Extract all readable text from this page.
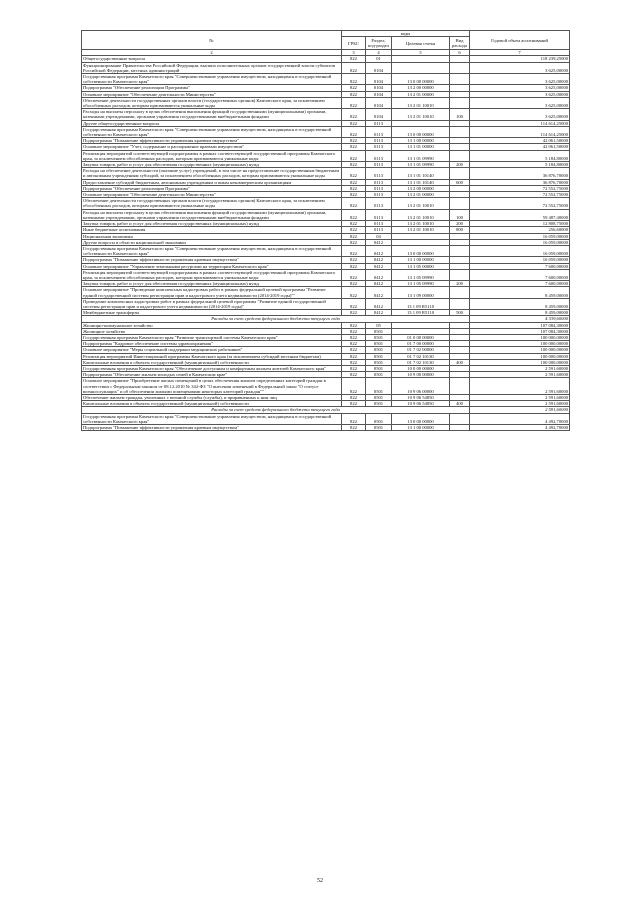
№	коды				Годовой объем ассигнований
	ГРБС	Раздел, под-раздел	Целевая статья	Вид расхода	
2	3	4	5	6	7
Общегосударственные вопросы	822	01			118 239,25000
Функционирование Правительства Российской Федерации, высших исполнительных органов государственной власти субъектов Российской Федерации, местных администраций	822	0104			3 625,00000
Государственная программа Камчатского края "Совершенствование управления имуществом, находящимся в государственной собственности Камчатского края"	822	0104	13 0 00 00000		3 625,00000
Подпрограмма "Обеспечение реализации Программы"	822	0104	13 2 00 00000		3 625,00000
Основное мероприятие "Обеспечение деятельности Министерства"	822	0104	13 2 01 00000		3 625,00000
Обеспечение деятельности государственных органов власти (государственных органов) Камчатского края, за исключением обособленных расходов, которым присваиваются уникальные коды	822	0104	13 2 01 10010		3 625,00000
Расходы на выплаты персоналу в целях обеспечения выполнения функций государственными (муниципальными) органами, казенными учреждениями, органами управления государственными внебюджетными фондами	822	0104	13 2 01 10010	100	3 625,00000
Другие общегосударственные вопросы	822	0113			114 614,25000
Государственная программа Камчатского края "Совершенствование управления имуществом, находящимся в государственной собственности Камчатского края"	822	0113	13 0 00 00000		114 614,25000
Подпрограмма "Повышение эффективности управления краевым имуществом"	822	0113	13 1 00 00000		42 061,50000
Основное мероприятие "Учет, содержание и распоряжение краевым имуществом"	822	0113	13 1 01 00000		42 061,50000
Реализация мероприятий соответствующей подпрограммы в рамках соответствующей государственной программы Камчатского края, за исключением обособленных расходов, которым присваиваются уникальные коды	822	0113	13 1 01 09990		5 184,80000
Закупка товаров, работ и услуг для обеспечения государственных (муниципальных) нужд	822	0113	13 1 01 09990	200	5 184,80000
Расходы на обеспечение деятельности (оказание услуг) учреждений, в том числе на предоставление государственным бюджетным и автономным учреждениям субсидий, за исключением обособленных расходов, которым присваиваются уникальные коды	822	0113	13 1 01 10140		36 876,70000
Предоставление субсидий бюджетным, автономным учреждениям и иным некоммерческим организациям	822	0113	13 1 01 10140	600	36 876,70000
Подпрограмма "Обеспечение реализации Программы"	822	0113	13 2 00 00000		72 552,75000
Основное мероприятие "Обеспечение деятельности Министерства"	822	0113	13 2 01 00000		72 552,75000
Обеспечение деятельности государственных органов власти (государственных органов) Камчатского края, за исключением обособленных расходов, которым присваиваются уникальные коды	822	0113	13 2 01 10010		72 552,75000
Расходы на выплаты персоналу в целях обеспечения выполнения функций государственными (муниципальными) органами, казенными учреждениями, органами управления государственными внебюджетными фондами	822	0113	13 2 01 10010	100	59 487,40000
Закупка товаров, работ и услуг для обеспечения государственных (муниципальных) нужд	822	0113	13 2 01 10010	200	12 808,75000
Иные бюджетные ассигнования	822	0113	13 2 01 10010	800	256,60000
Национальная экономика	822	04			16 059,00000
Другие вопросы в области национальной экономики	822	0412			16 059,00000
Государственная программа Камчатского края "Совершенствование управления имуществом, находящимся в государственной собственности Камчатского края"	822	0412	13 0 00 00000		16 059,00000
Подпрограмма "Повышение эффективности управления краевым имуществом"	822	0412	13 1 00 00000		16 059,00000
Основное мероприятие "Управление земельными ресурсами на территории Камчатского края"	822	0412	13 1 05 00000		7 600,00000
Реализация мероприятий соответствующей подпрограммы в рамках соответствующей государственной программы Камчатского края, за исключением обособленных расходов, которым присваиваются уникальные коды	822	0412	13 1 05 09990		7 600,00000
Закупка товаров, работ и услуг для обеспечения государственных (муниципальных) нужд	822	0412	13 1 05 09990	200	7 600,00000
Основное мероприятие "Проведение комплексных кадастровых работ в рамках федеральной целевой программы "Развитие единой государственной системы регистрации прав и кадастрового учета недвижимости (2014-2019 годы)""	822	0412	13 1 09 00000		8 459,00000
Проведение комплексных кадастровых работ в рамках федеральной целевой программы "Развитие единой государственной системы регистрации прав и кадастрового учета недвижимости (2014-2019 годы)"	822	0412	13 1 09 R5110		8 459,00000
Межбюджетные трансферты	822	0412	13 1 09 R5110	500	8 459,00000
Расходы за счет средств федерального бюджета текущего года					4 339,60000
Жилищно-коммунальное хозяйство	822	05			107 084,30000
Жилищное хозяйство	822	0501			107 084,30000
Государственная программа Камчатского края "Развитие транспортной системы Камчатского края"	822	0501	01 0 00 00000		100 000,00000
Подпрограмма "Кадровое обеспечение системы здравоохранения"	822	0501	01 7 00 00000		100 000,00000
Основное мероприятие "Меры социальной поддержки медицинских работников"	822	0501	01 7 02 00000		100 000,00000
Реализация мероприятий Инвестиционной программы Камчатского края (за исключением субсидий местным бюджетам)	822	0501	01 7 02 10130		100 000,00000
Капитальные вложения в объекты государственной (муниципальной) собственности	822	0501	01 7 02 10130	400	100 000,00000
Государственная программа Камчатского края "Обеспечение доступным и комфортным жильем жителей Камчатского края"	822	0501	10 0 00 00000		2 591,60000
Подпрограмма "Обеспечение жильем молодых семей в Камчатском крае"	822	0501	10 9 00 00000		2 591,60000
Основное мероприятие "Приобретение жилых помещений в целях обеспечения жильем определенных категорий граждан в соответствии с Федеральным законом от 08.12.2010 № 342-ФЗ "О внесении изменений в Федеральный закон "О статусе военнослужащих" и об обеспечении жилыми помещениями некоторых категорий граждан""	822	0501	10 9 06 00000		2 591,60000
Обеспечение жильем граждан, уволенных с военной службы (службы), и приравненных к ним лиц	822	0501	10 9 06 54850		2 591,60000
Капитальные вложения в объекты государственной (муниципальной) собственности	822	0501	10 9 06 54850	400	2 591,60000
Расходы за счет средств федерального бюджета текущего года					2 591,60000
Государственная программа Камчатского края "Совершенствование управления имуществом, находящимся в государственной собственности Камчатского края"	822	0501	13 0 00 00000		4 492,70000
Подпрограмма "Повышение эффективности управления краевым имуществом"	822	0501	13 1 00 00000		4 492,70000
52
